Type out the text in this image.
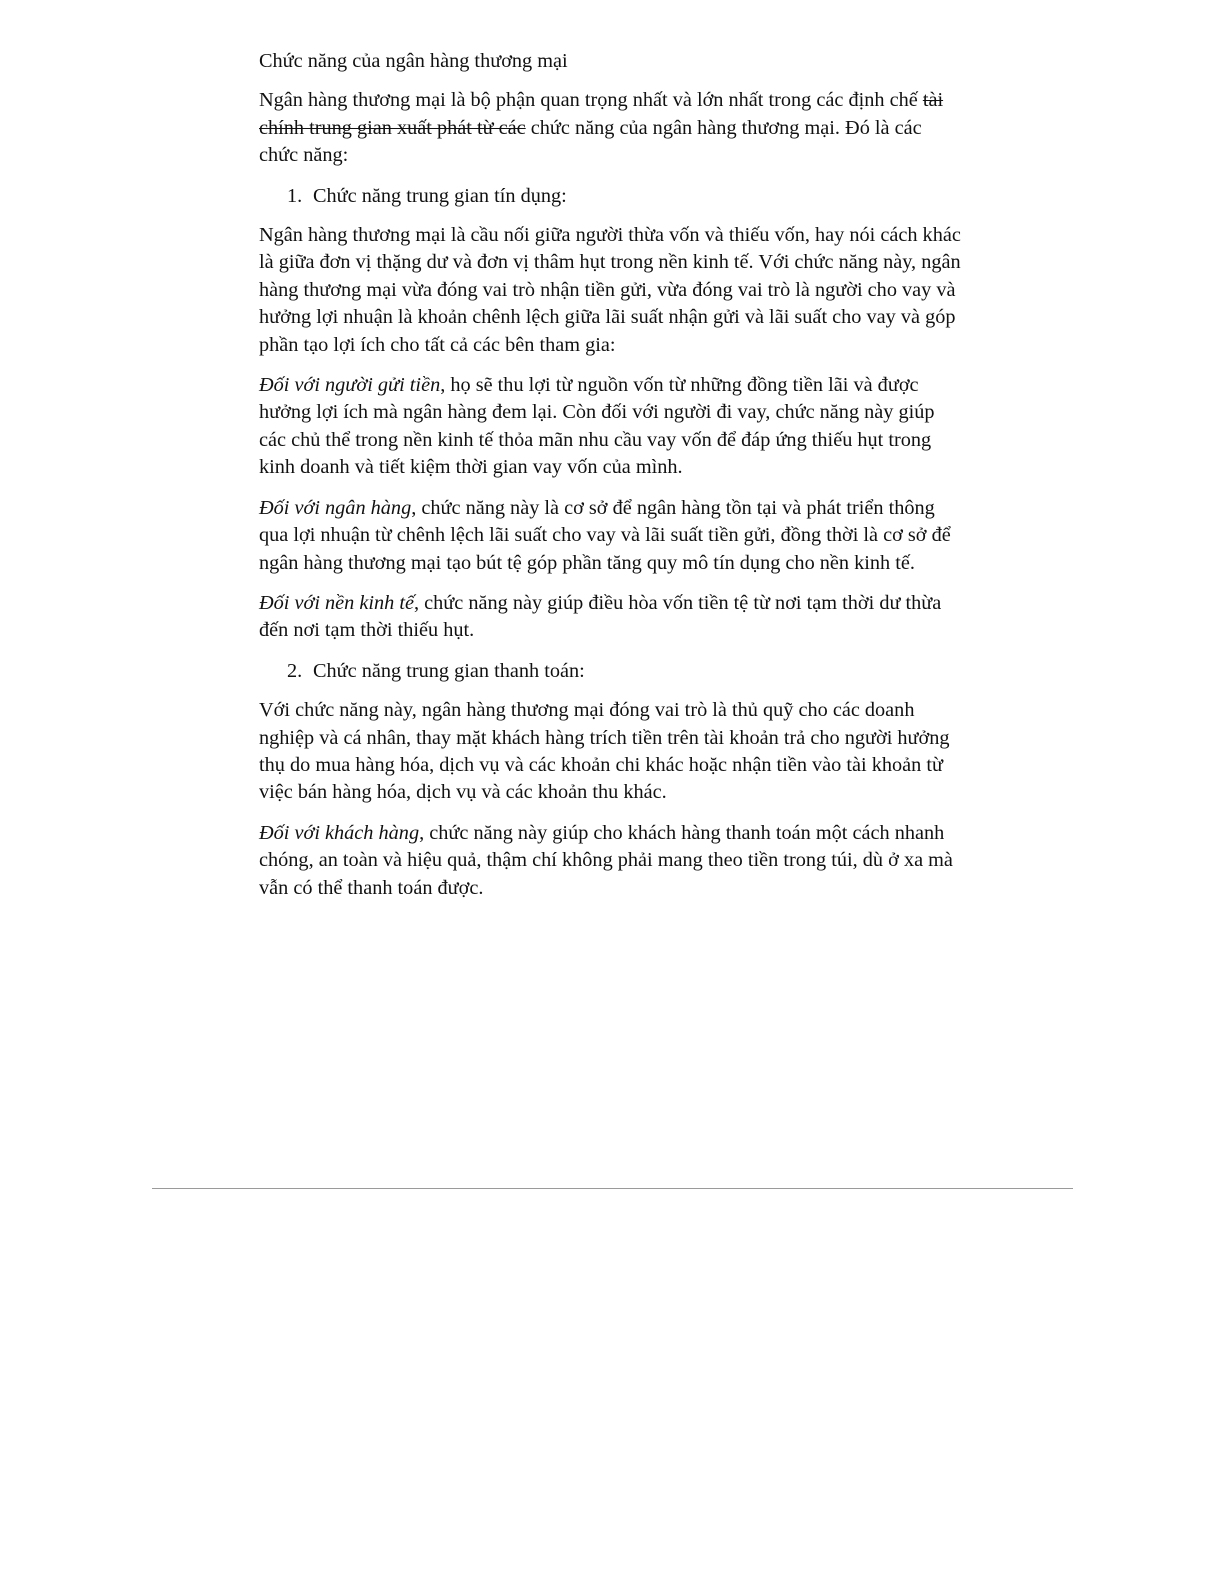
Chức năng của ngân hàng thương mại

Ngân hàng thương mại là bộ phận quan trọng nhất và lớn nhất trong các định chế tài chính trung gian xuất phát từ các chức năng của ngân hàng thương mại. Đó là các chức năng:

1. Chức năng trung gian tín dụng:

Ngân hàng thương mại là cầu nối giữa người thừa vốn và thiếu vốn, hay nói cách khác là giữa đơn vị thặng dư và đơn vị thâm hụt trong nền kinh tế. Với chức năng này, ngân hàng thương mại vừa đóng vai trò nhận tiền gửi, vừa đóng vai trò là người cho vay và hưởng lợi nhuận là khoản chênh lệch giữa lãi suất nhận gửi và lãi suất cho vay và góp phần tạo lợi ích cho tất cả các bên tham gia:

Đối với người gửi tiền, họ sẽ thu lợi từ nguồn vốn từ những đồng tiền lãi và được hưởng lợi ích mà ngân hàng đem lại. Còn đối với người đi vay, chức năng này giúp các chủ thể trong nền kinh tế thỏa mãn nhu cầu vay vốn để đáp ứng thiếu hụt trong kinh doanh và tiết kiệm thời gian vay vốn của mình.

Đối với ngân hàng, chức năng này là cơ sở để ngân hàng tồn tại và phát triển thông qua lợi nhuận từ chênh lệch lãi suất cho vay và lãi suất tiền gửi, đồng thời là cơ sở để ngân hàng thương mại tạo bút tệ góp phần tăng quy mô tín dụng cho nền kinh tế.

Đối với nền kinh tế, chức năng này giúp điều hòa vốn tiền tệ từ nơi tạm thời dư thừa đến nơi tạm thời thiếu hụt.

2. Chức năng trung gian thanh toán:

Với chức năng này, ngân hàng thương mại đóng vai trò là thủ quỹ cho các doanh nghiệp và cá nhân, thay mặt khách hàng trích tiền trên tài khoản trả cho người hưởng thụ do mua hàng hóa, dịch vụ và các khoản chi khác hoặc nhận tiền vào tài khoản từ việc bán hàng hóa, dịch vụ và các khoản thu khác.

Đối với khách hàng, chức năng này giúp cho khách hàng thanh toán một cách nhanh chóng, an toàn và hiệu quả, thậm chí không phải mang theo tiền trong túi, dù ở xa mà vẫn có thể thanh toán được.
